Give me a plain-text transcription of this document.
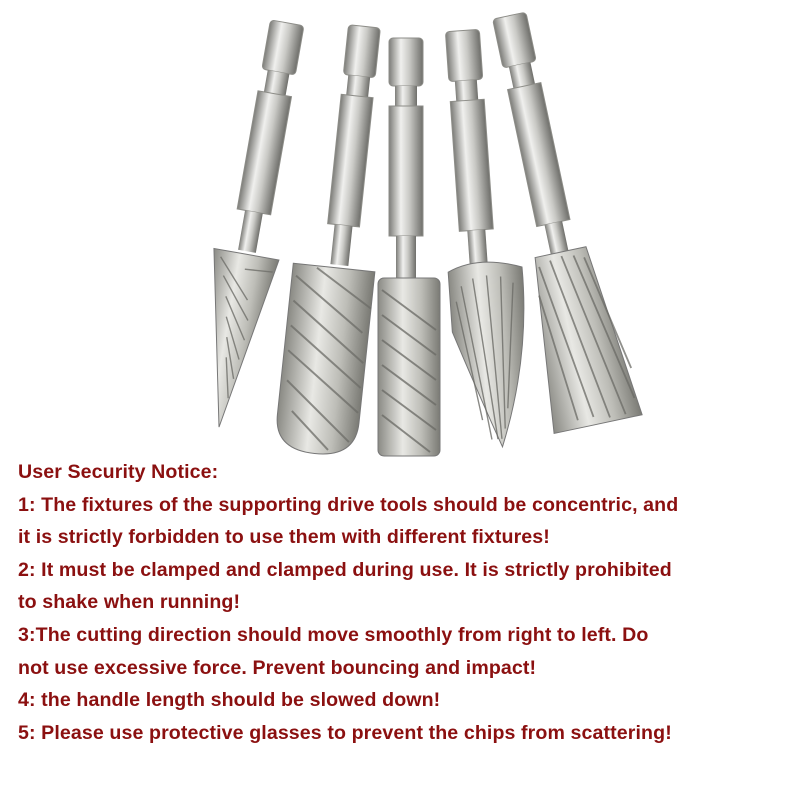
User Security Notice:
1: The fixtures of the supporting drive tools should be concentric, and
it is strictly forbidden to use them with different fixtures!
2: It must be clamped and clamped during use. It is strictly prohibited
to shake when running!
3:The cutting direction should move smoothly from right to left. Do
not use excessive force. Prevent bouncing and impact!
4: the handle length should be slowed down!
5: Please use protective glasses to prevent the chips from scattering!
